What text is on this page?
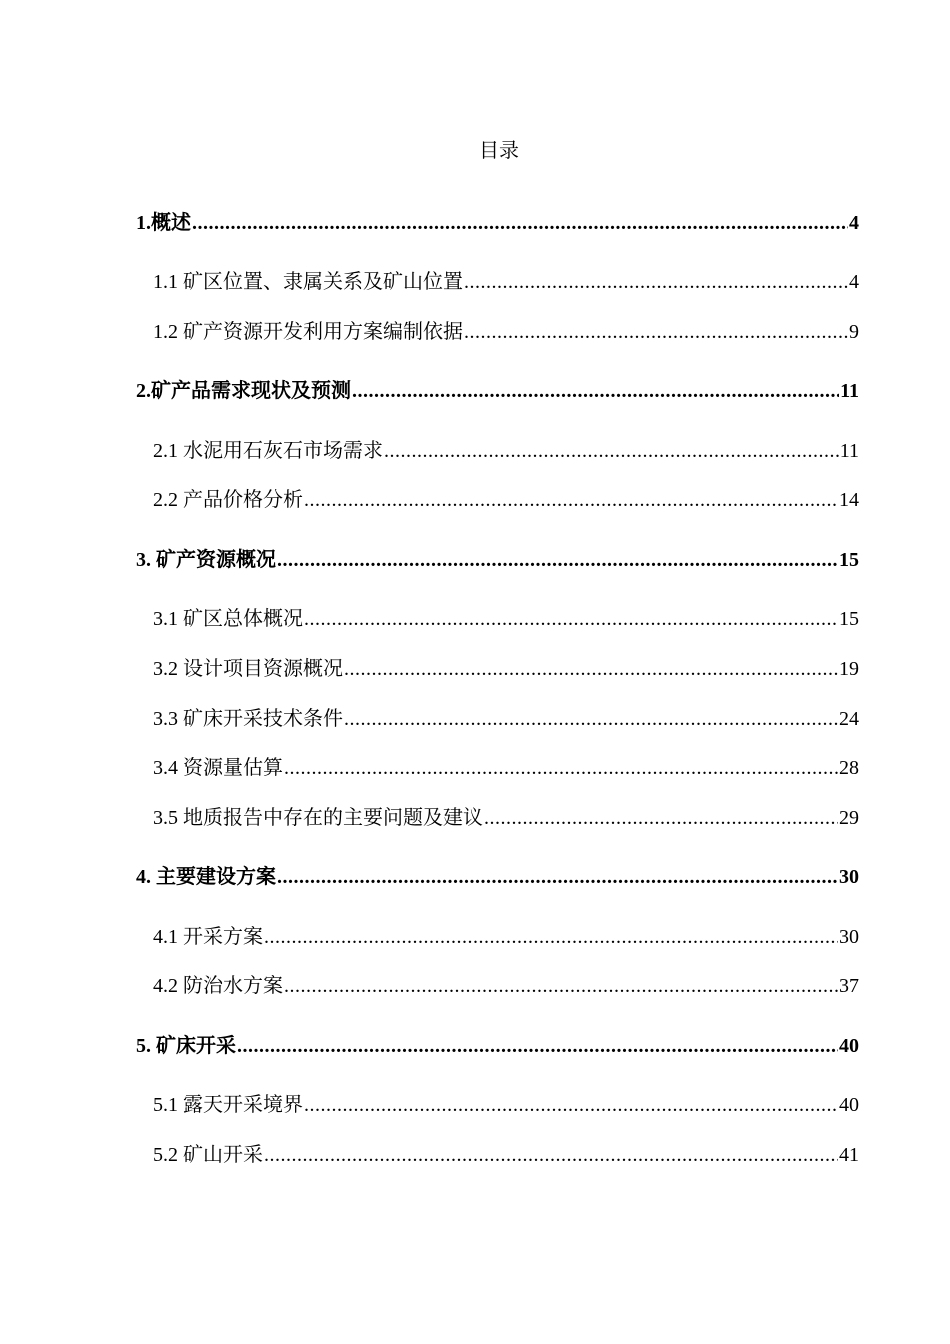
目录
1.概述 .....	4
1.1 矿区位置、隶属关系及矿山位置 .....	4
1.2 矿产资源开发利用方案编制依据 .....	9
2.矿产品需求现状及预测 .....	11
2.1 水泥用石灰石市场需求 .....	11
2.2 产品价格分析 .....	14
3. 矿产资源概况 .....	15
3.1 矿区总体概况 .....	15
3.2 设计项目资源概况 .....	19
3.3 矿床开采技术条件 .....	24
3.4 资源量估算 .....	28
3.5 地质报告中存在的主要问题及建议 .....	29
4. 主要建设方案 .....	30
4.1 开采方案 .....	30
4.2 防治水方案 .....	37
5. 矿床开采 .....	40
5.1 露天开采境界 .....	40
5.2 矿山开采 .....	41
